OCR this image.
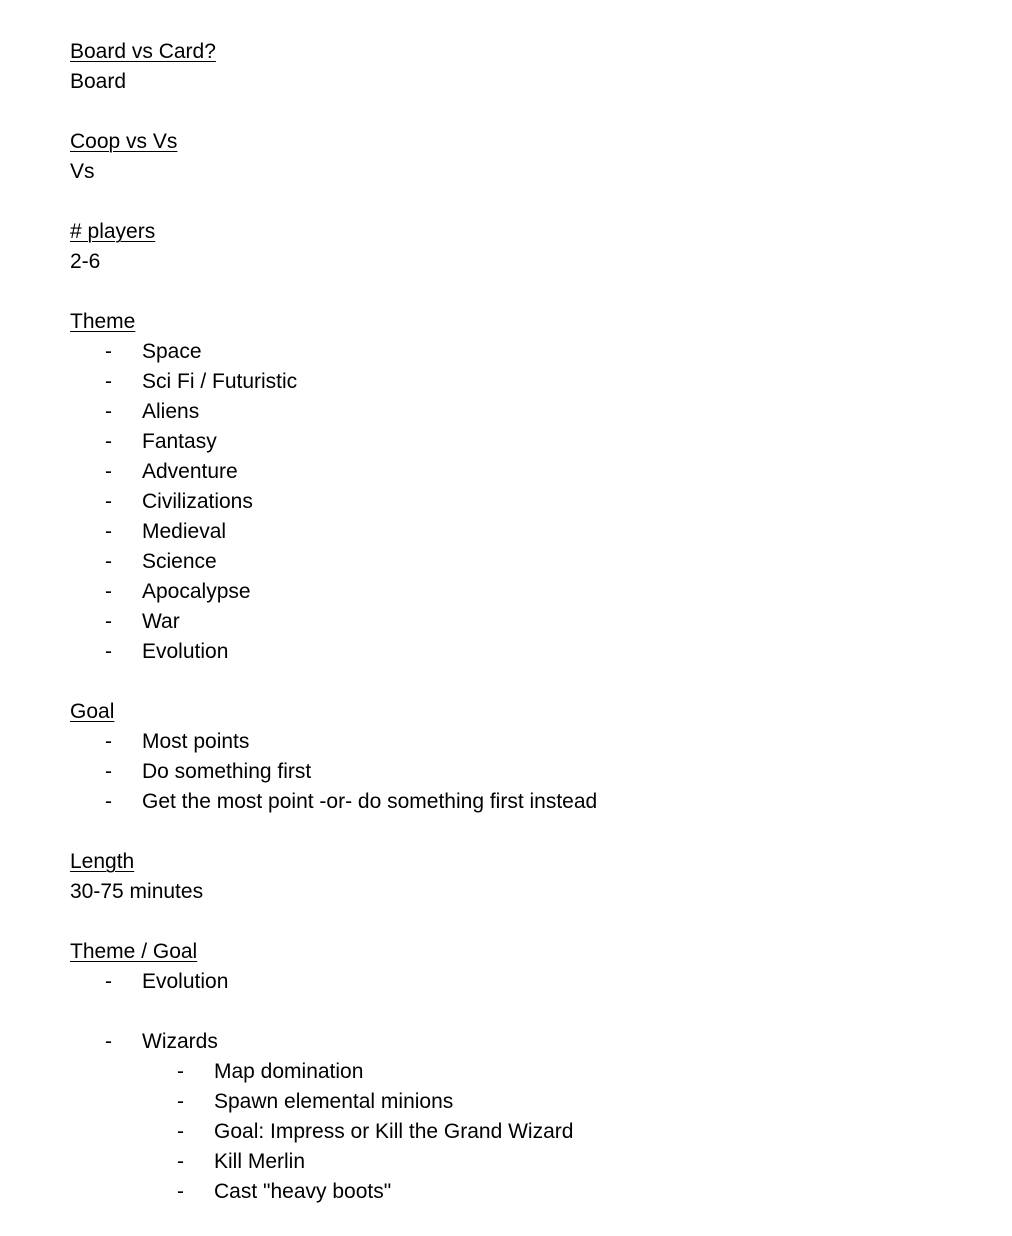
Board vs Card?
Board
Coop vs Vs
Vs
# players
2-6
Theme
- Space
- Sci Fi / Futuristic
- Aliens
- Fantasy
- Adventure
- Civilizations
- Medieval
- Science
- Apocalypse
- War
- Evolution
Goal
- Most points
- Do something first
- Get the most point -or- do something first instead
Length
30-75 minutes
Theme / Goal
- Evolution
- Wizards
- Map domination
- Spawn elemental minions
- Goal: Impress or Kill the Grand Wizard
- Kill Merlin
- Cast "heavy boots"
